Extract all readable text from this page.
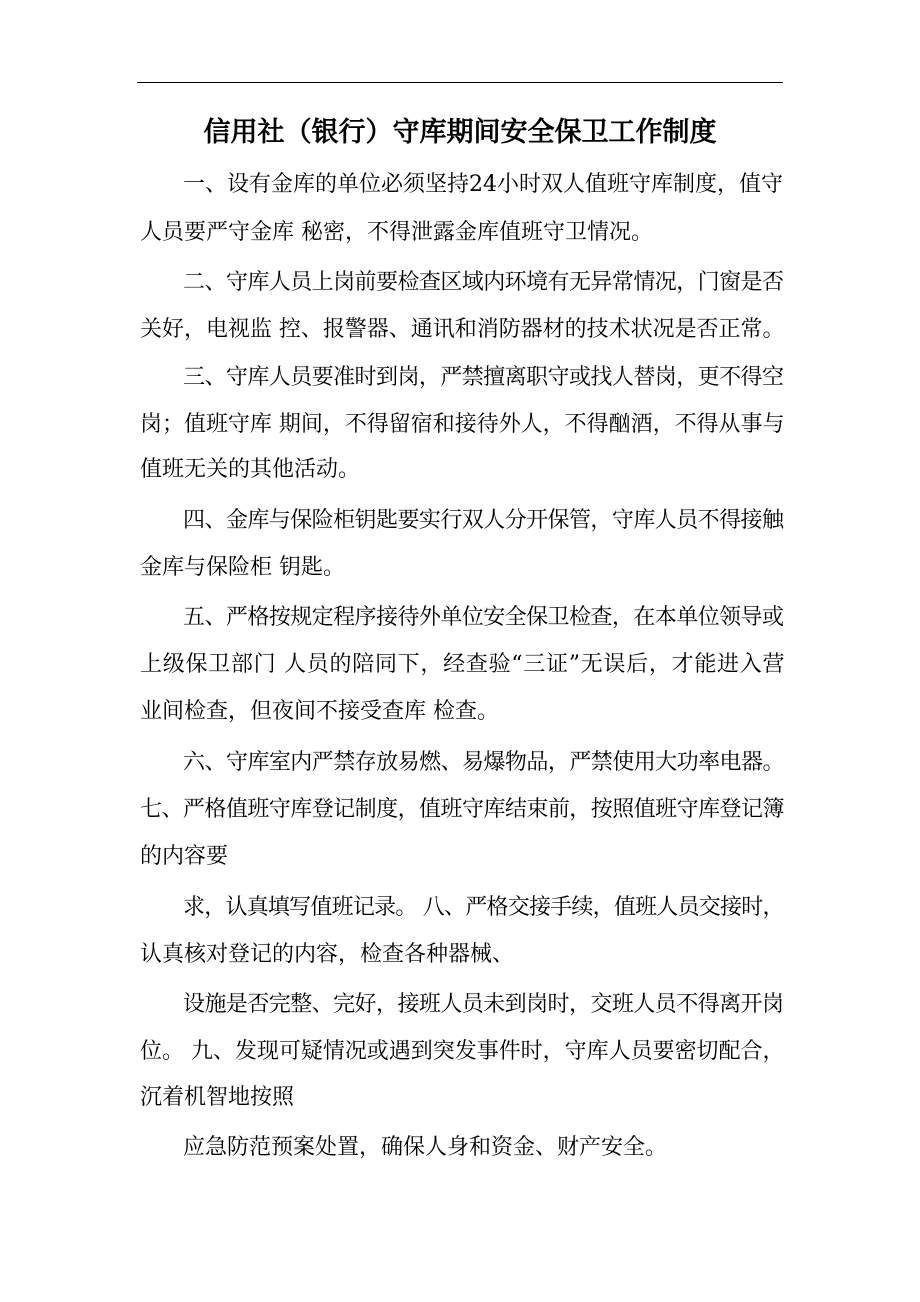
信用社（银行）守库期间安全保卫工作制度
一、设有金库的单位必须坚持24小时双人值班守库制度，值守
人员要严守金库 秘密，不得泄露金库值班守卫情况。
二、守库人员上岗前要检查区域内环境有无异常情况，门窗是否
关好，电视监 控、报警器、通讯和消防器材的技术状况是否正常。
三、守库人员要准时到岗，严禁擅离职守或找人替岗，更不得空
岗；值班守库 期间，不得留宿和接待外人，不得酗酒，不得从事与
值班无关的其他活动。
四、金库与保险柜钥匙要实行双人分开保管，守库人员不得接触
金库与保险柜 钥匙。
五、严格按规定程序接待外单位安全保卫检查，在本单位领导或
上级保卫部门 人员的陪同下，经查验“三证”无误后，才能进入营
业间检查，但夜间不接受查库 检查。
六、守库室内严禁存放易燃、易爆物品，严禁使用大功率电器。
七、严格值班守库登记制度，值班守库结束前，按照值班守库登记簿
的内容要
求，认真填写值班记录。 八、严格交接手续，值班人员交接时，
认真核对登记的内容，检查各种器械、
设施是否完整、完好，接班人员未到岗时，交班人员不得离开岗
位。 九、发现可疑情况或遇到突发事件时，守库人员要密切配合，
沉着机智地按照
应急防范预案处置，确保人身和资金、财产安全。
